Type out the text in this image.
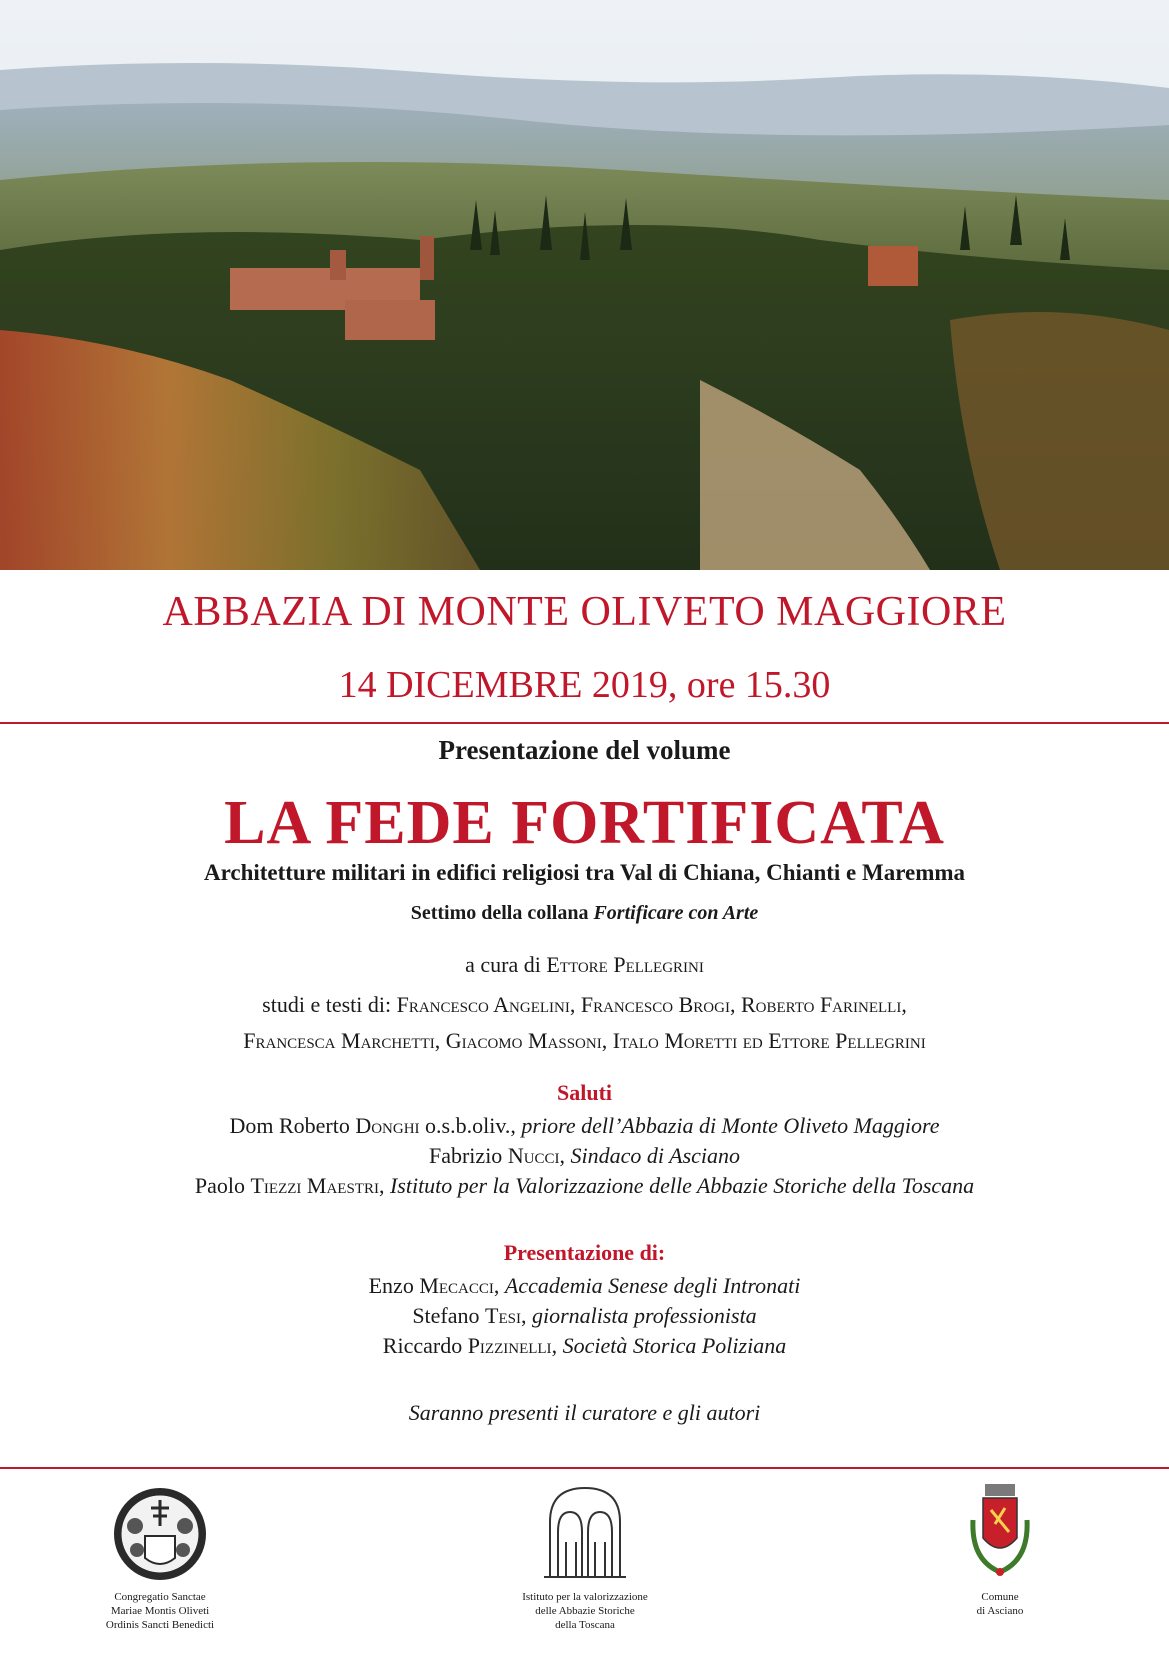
ABBAZIA DI MONTE OLIVETO MAGGIORE
14 DICEMBRE 2019, ore 15.30
Presentazione del volume
LA FEDE FORTIFICATA
Architetture militari in edifici religiosi tra Val di Chiana, Chianti e Maremma
Settimo della collana Fortificare con Arte
a cura di Ettore Pellegrini
studi e testi di: Francesco Angelini, Francesco Brogi, Roberto Farinelli,
Francesca Marchetti, Giacomo Massoni, Italo Moretti ed Ettore Pellegrini
Saluti
Dom Roberto Donghi o.s.b.oliv., priore dell’Abbazia di Monte Oliveto Maggiore
Fabrizio Nucci, Sindaco di Asciano
Paolo Tiezzi Maestri, Istituto per la Valorizzazione delle Abbazie Storiche della Toscana
Presentazione di:
Enzo Mecacci, Accademia Senese degli Intronati
Stefano Tesi, giornalista professionista
Riccardo Pizzinelli, Società Storica Poliziana
Saranno presenti il curatore e gli autori
Congregatio Sanctae
Mariae Montis Oliveti
Ordinis Sancti Benedicti
Istituto per la valorizzazione
delle Abbazie Storiche
della Toscana
Comune
di Asciano
